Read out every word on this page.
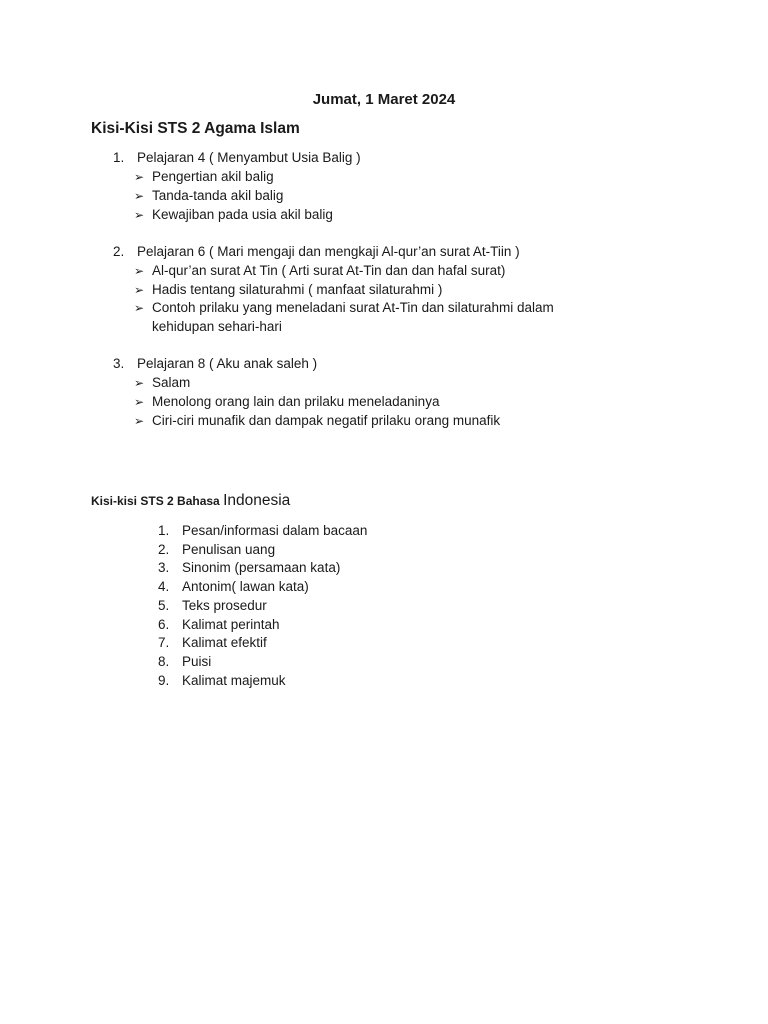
Jumat, 1 Maret 2024
Kisi-Kisi STS 2 Agama Islam
1. Pelajaran 4 ( Menyambut Usia Balig )
➢ Pengertian akil balig
➢ Tanda-tanda akil balig
➢ Kewajiban pada usia akil balig
2. Pelajaran 6 ( Mari mengaji dan mengkaji Al-qur’an surat At-Tiin )
➢ Al-qur’an surat At Tin ( Arti surat At-Tin dan dan hafal surat)
➢ Hadis tentang silaturahmi ( manfaat silaturahmi )
➢ Contoh prilaku yang meneladani surat At-Tin dan silaturahmi dalam
kehidupan sehari-hari
3. Pelajaran 8 ( Aku anak saleh )
➢ Salam
➢ Menolong orang lain dan prilaku meneladaninya
➢ Ciri-ciri munafik dan dampak negatif prilaku orang munafik
Kisi-kisi STS 2 Bahasa Indonesia
1. Pesan/informasi dalam bacaan
2. Penulisan uang
3. Sinonim (persamaan kata)
4. Antonim( lawan kata)
5. Teks prosedur
6. Kalimat perintah
7. Kalimat efektif
8. Puisi
9. Kalimat majemuk
